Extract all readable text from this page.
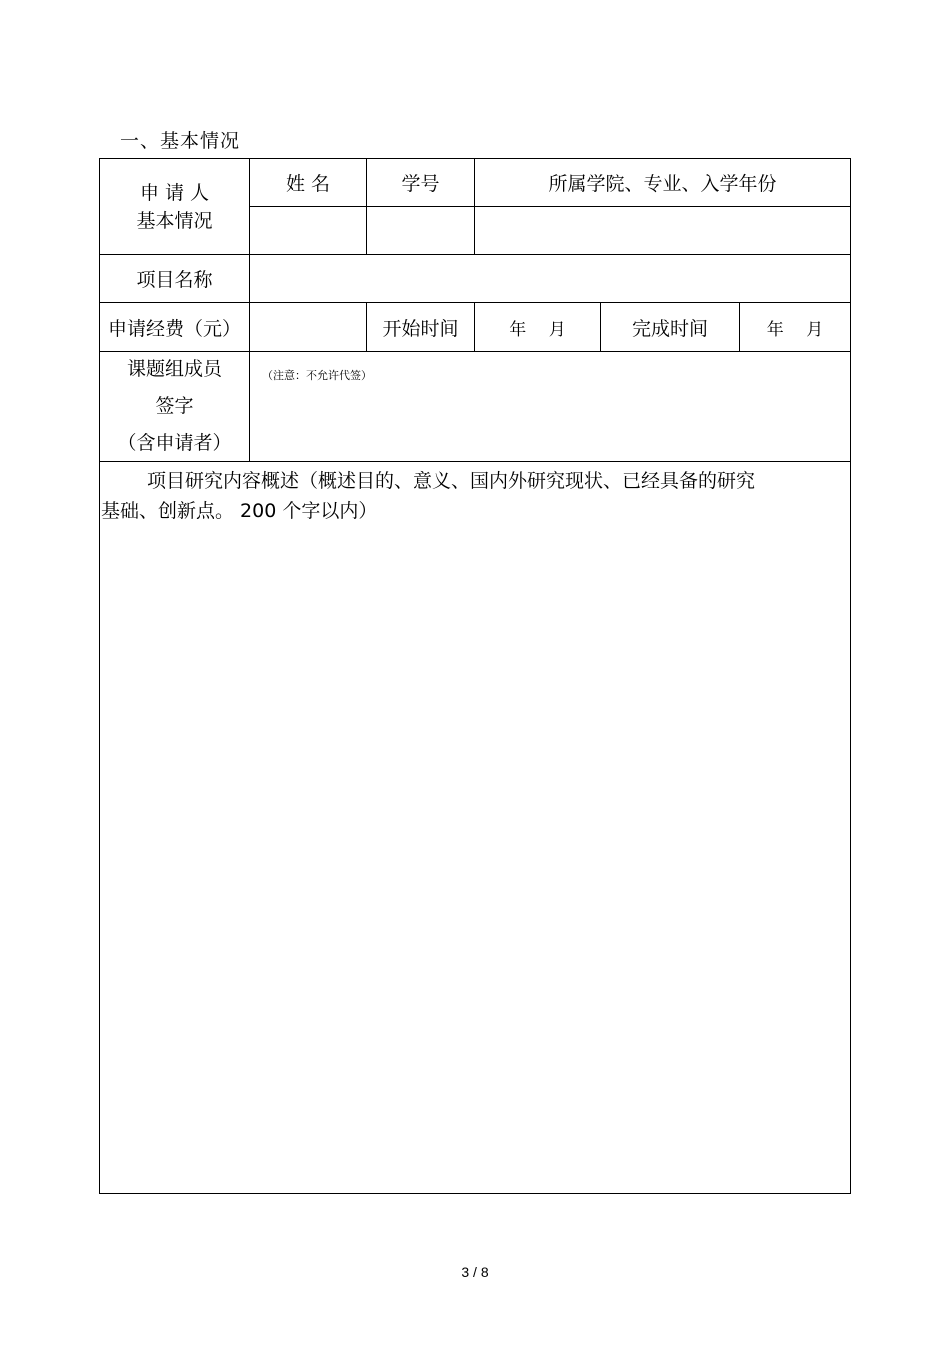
一、基本情况
申 请 人
基本情况
姓 名	学号	所属学院、专业、入学年份
项目名称
申请经费（元）	开始时间	年　 月	完成时间	年　 月
课题组成员
签字
（含申请者）
（注意：不允许代签）
项目研究内容概述（概述目的、意义、国内外研究现状、已经具备的研究
基础、创新点。 200 个字以内）
3 / 8
